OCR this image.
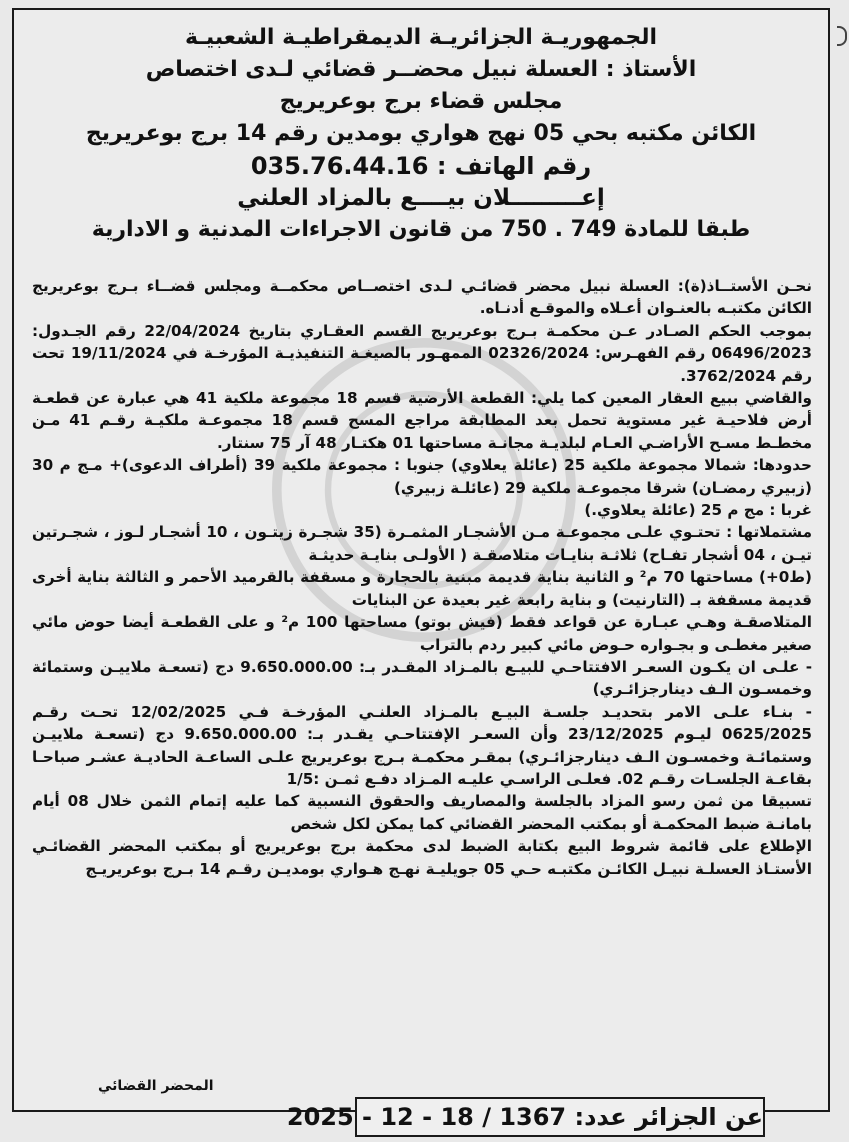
الجمهوريـة الجزائريـة الديمقراطيـة الشعبيـة
الأستاذ : العسلة نبيل محضــر قضائي لـدى اختصاص
مجلس قضاء برج بوعريريج
الكائن مكتبه بحي 05 نهج هواري بومدين رقم 14 برج بوعريريج
رقم الهاتف : 035.76.44.16
إعـــــــــلان بيــــع بالمزاد العلني
طبقا للمادة 749 . 750 من قانون الاجراءات المدنية و الادارية

نحـن الأستــاذ(ة): العسلة نبيل محضر قضائـي لـدى اختصــاص محكمــة ومجلس قضــاء بـرج بوعريريج الكائن مكتبـه بالعنـوان أعـلاه والموقـع أدنـاه.

بموجب الحكم الصـادر عـن محكمـة بـرج بوعريريج القسم العقـاري بتاريخ 22/04/2024 رقم الجـدول: 06496/2023 رقم الفهـرس: 02326/2024 الممهـور بالصيغـة التنفيذيـة المؤرخـة في 19/11/2024 تحت رقم 3762/2024.

والقاضي ببيع العقار المعين كما يلي: القطعة الأرضية قسم 18 مجموعة ملكية 41 هي عبارة عن قطعـة أرض فلاحيـة غير مستوية تحمل بعد المطابقة مراجع المسح قسم 18 مجموعـة ملكيـة رقـم 41 مـن مخطـط مسـح الأراضـي العـام لبلديـة مجانـة مساحتها 01 هكتـار 48 آر 75 سنتار.

حدودها: شمالا مجموعة ملكية 25 (عائلة يعلاوي) جنوبا : مجموعة ملكية 39 (أطراف الدعوى)+ مـج م 30 (زبيري رمضـان) شرقا مجموعـة ملكية 29 (عائلـة زبيري)

غربا : مج م 25 (عائلة يعلاوي.)

مشتملاتها : تحتـوي علـى مجموعـة مـن الأشجـار المثمـرة (35 شجـرة زيتـون ، 10 أشجـار لـوز ، شجـرتين تيـن ، 04 أشجار تفـاح) ثلاثـة بنايـات متلاصقـة ( الأولـى بنايـة حديثـة

(ط0+) مساحتها 70 م² و الثانية بناية قديمة مبنية بالحجارة و مسقفة بالقرميد الأحمر و الثالثة بناية أخرى قديمة مسقفة بـ (التارنيت) و بناية رابعة غير بعيدة عن البنايات

المتلاصقـة وهـي عبـارة عن قواعد فقط (فيش بوتو) مساحتها 100 م² و على القطعـة أيضا حوض مائي صغير مغطـى و بجـواره حـوض مائي كبير ردم بالتراب

- علـى ان يكـون السعـر الافتتاحـي للبيـع بالمـزاد المقـدر بـ: 9.650.000.00 دج (تسعـة ملاييـن وستمائة وخمسـون الـف دينارجزائـري)

- بنـاء علـى الامر بتحديـد جلسـة البيـع بالمـزاد العلنـي المؤرخـة فـي 12/02/2025 تحـت رقـم 0625/2025 ليـوم 23/12/2025 وأن السعـر الإفتتاحـي يقـدر بـ: 9.650.000.00 دج (تسعـة ملاييـن وستمائـة وخمسـون الـف دينارجزائـري) بمقـر محكمـة بـرج بوعريريج علـى الساعـة الحاديـة عشـر صباحـا بقاعـة الجلسـات رقـم 02. فعلـى الراسـي عليـه المـزاد دفـع ثمـن :1/5

تسبيقا من ثمن رسو المزاد بالجلسة والمصاريف والحقوق النسبية كما عليه إتمام الثمن خلال 08 أيام بامانـة ضبط المحكمـة أو بمكتب المحضر القضائي كما يمكن لكل شخص

الإطلاع على قائمة شروط البيع بكتابة الضبط لدى محكمة برج بوعريريج أو بمكتب المحضر القضائـي الأستـاذ العسلـة نبيـل الكائـن مكتبـه حـي 05 جويليـة نهـج هـواري بومديـن رقـم 14 بـرج بوعريريـج

المحضر القضائي
عن الجزائر عدد: 1367 / 18 - 12 - 2025
